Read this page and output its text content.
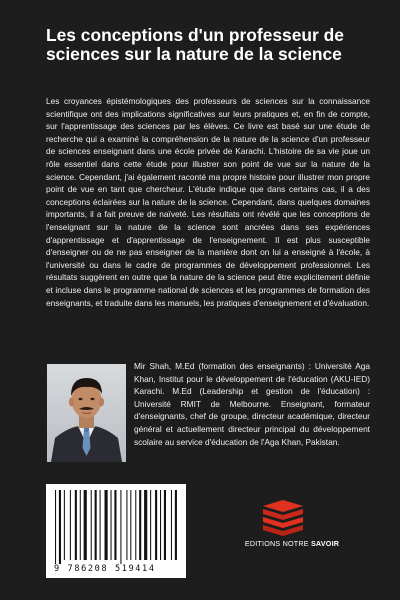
Les conceptions d'un professeur de sciences sur la nature de la science

Les croyances épistémologiques des professeurs de sciences sur la connaissance scientifique ont des implications significatives sur leurs pratiques et, en fin de compte, sur l'apprentissage des sciences par les élèves. Ce livre est basé sur une étude de recherche qui a examiné la compréhension de la nature de la science d'un professeur de sciences enseignant dans une école privée de Karachi. L'histoire de sa vie joue un rôle essentiel dans cette étude pour illustrer son point de vue sur la nature de la science. Cependant, j'ai également raconté ma propre histoire pour illustrer mon propre point de vue en tant que chercheur. L'étude indique que dans certains cas, il a des conceptions éclairées sur la nature de la science. Cependant, dans quelques domaines importants, il a fait preuve de naïveté. Les résultats ont révélé que les conceptions de l'enseignant sur la nature de la science sont ancrées dans ses expériences d'apprentissage et d'apprentissage de l'enseignement. Il est plus susceptible d'enseigner ou de ne pas enseigner de la manière dont on lui a enseigné à l'école, à l'université ou dans le cadre de programmes de développement professionnel. Les résultats suggèrent en outre que la nature de la science peut être explicitement définie et incluse dans le programme national de sciences et les programmes de formation des enseignants, et traduite dans les manuels, les pratiques d'enseignement et d'évaluation.

Mir Shah, M.Ed (formation des enseignants) : Université Aga Khan, Institut pour le développement de l'éducation (AKU-IED) Karachi. M.Ed (Leadership et gestion de l'éducation) : Université RMIT de Melbourne. Enseignant, formateur d'enseignants, chef de groupe, directeur académique, directeur général et actuellement directeur principal du développement scolaire au service d'éducation de l'Aga Khan, Pakistan.

9 786208 519414
EDITIONS NOTRE SAVOIR
